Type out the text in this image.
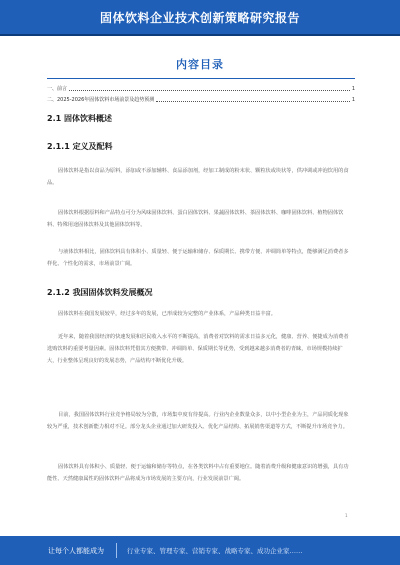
固体饮料企业技术创新策略研究报告
内容目录
一、前言	1
二、2025-2026年固体饮料市场前景及趋势预测	1
2.1 固体饮料概述
2.1.1 定义及配料

固体饮料是指以食品为原料，添加或不添加辅料、食品添加剂，经加工制成的粉末状、颗粒状或块状等，供冲调或冲泡饮用的食品。

固体饮料根据原料和产品特点可分为风味固体饮料、蛋白固体饮料、果蔬固体饮料、茶固体饮料、咖啡固体饮料、植物固体饮料、特殊用途固体饮料及其他固体饮料等。

与液体饮料相比，固体饮料具有体积小、质量轻、便于运输和储存、保质期长、携带方便、冲调简单等特点，能够满足消费者多样化、个性化的需求，市场前景广阔。

2.1.2 我国固体饮料发展概况

固体饮料在我国发展较早，经过多年的发展，已形成较为完整的产业体系，产品种类日益丰富。

近年来，随着我国经济的快速发展和居民收入水平的不断提高，消费者对饮料的需求日益多元化，健康、营养、便捷成为消费者选购饮料的重要考量因素。固体饮料凭借其方便携带、冲调简单、保质期长等优势，受到越来越多消费者的青睐，市场规模持续扩大，行业整体呈现良好的发展态势，产品结构不断优化升级。

目前，我国固体饮料行业竞争格局较为分散，市场集中度有待提高。行业内企业数量众多，以中小型企业为主，产品同质化现象较为严重，技术创新能力相对不足。部分龙头企业通过加大研发投入、优化产品结构、拓展销售渠道等方式，不断提升市场竞争力。

固体饮料具有体积小、质量轻、便于运输和储存等特点，在各类饮料中占有重要地位。随着消费升级和健康意识的增强，具有功能性、天然健康属性的固体饮料产品将成为市场发展的主要方向，行业发展前景广阔。

1
让每个人都能成为	行业专家、管理专家、营销专家、战略专家、成功企业家……
